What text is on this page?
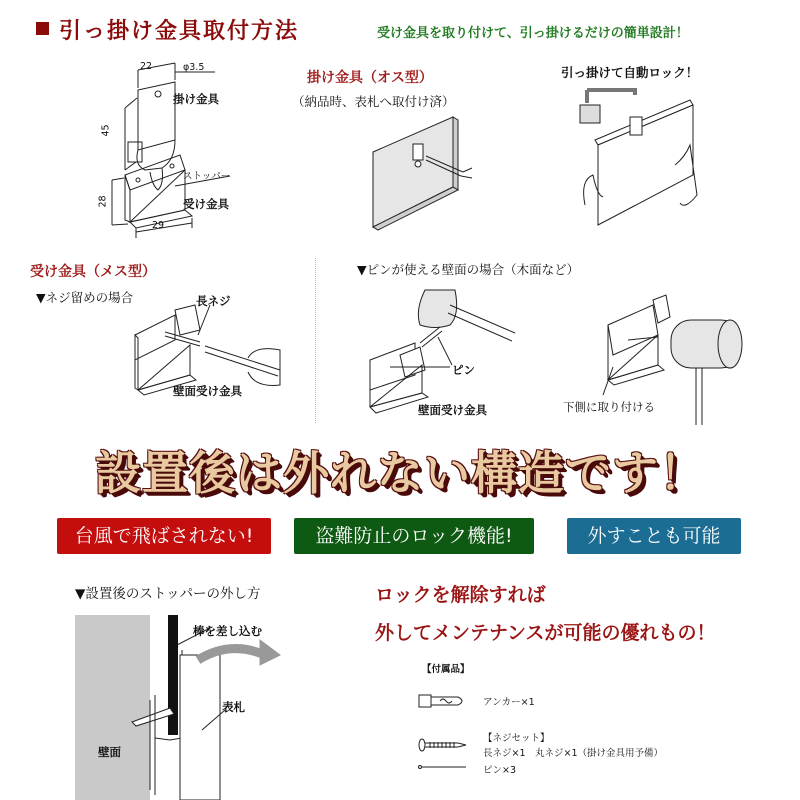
引っ掛け金具取付方法	受け金具を取り付けて、引っ掛けるだけの簡単設計！
22	φ3.5
掛け金具
45
ストッパー
28	受け金具
29
掛け金具（オス型）
（納品時、表札へ取付け済）
引っ掛けて自動ロック！
受け金具（メス型）
▼ネジ留めの場合	長ネジ
壁面受け金具
▼ピンが使える壁面の場合（木面など）
ピン
壁面受け金具	下側に取り付ける
設置後は外れない構造です！
台風で飛ばされない!	盗難防止のロック機能!	外すことも可能
▼設置後のストッパーの外し方
棒を差し込む
表札
壁面
ロックを解除すれば
外してメンテナンスが可能の優れもの！
【付属品】
アンカー×1
【ネジセット】
長ネジ×1　丸ネジ×1（掛け金具用予備）
ピン×3
